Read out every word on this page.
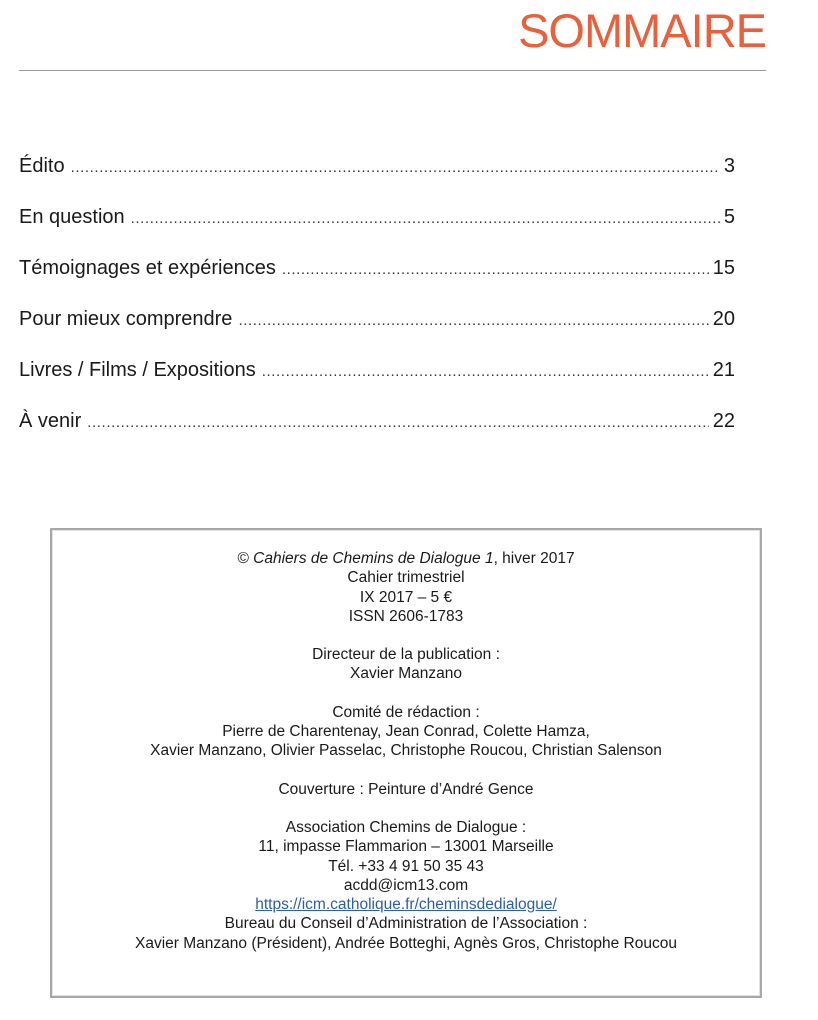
SOMMAIRE
Édito .....	3
En question .....	5
Témoignages et expériences .....	15
Pour mieux comprendre .....	20
Livres / Films / Expositions .....	21
À venir .....	22
© Cahiers de Chemins de Dialogue 1, hiver 2017
Cahier trimestriel
IX 2017 – 5 €
ISSN 2606-1783
Directeur de la publication :
Xavier Manzano
Comité de rédaction :
Pierre de Charentenay, Jean Conrad, Colette Hamza,
Xavier Manzano, Olivier Passelac, Christophe Roucou, Christian Salenson
Couverture : Peinture d’André Gence
Association Chemins de Dialogue :
11, impasse Flammarion – 13001 Marseille
Tél. +33 4 91 50 35 43
acdd@icm13.com
https://icm.catholique.fr/cheminsdedialogue/
Bureau du Conseil d’Administration de l’Association :
Xavier Manzano (Président), Andrée Botteghi, Agnès Gros, Christophe Roucou
